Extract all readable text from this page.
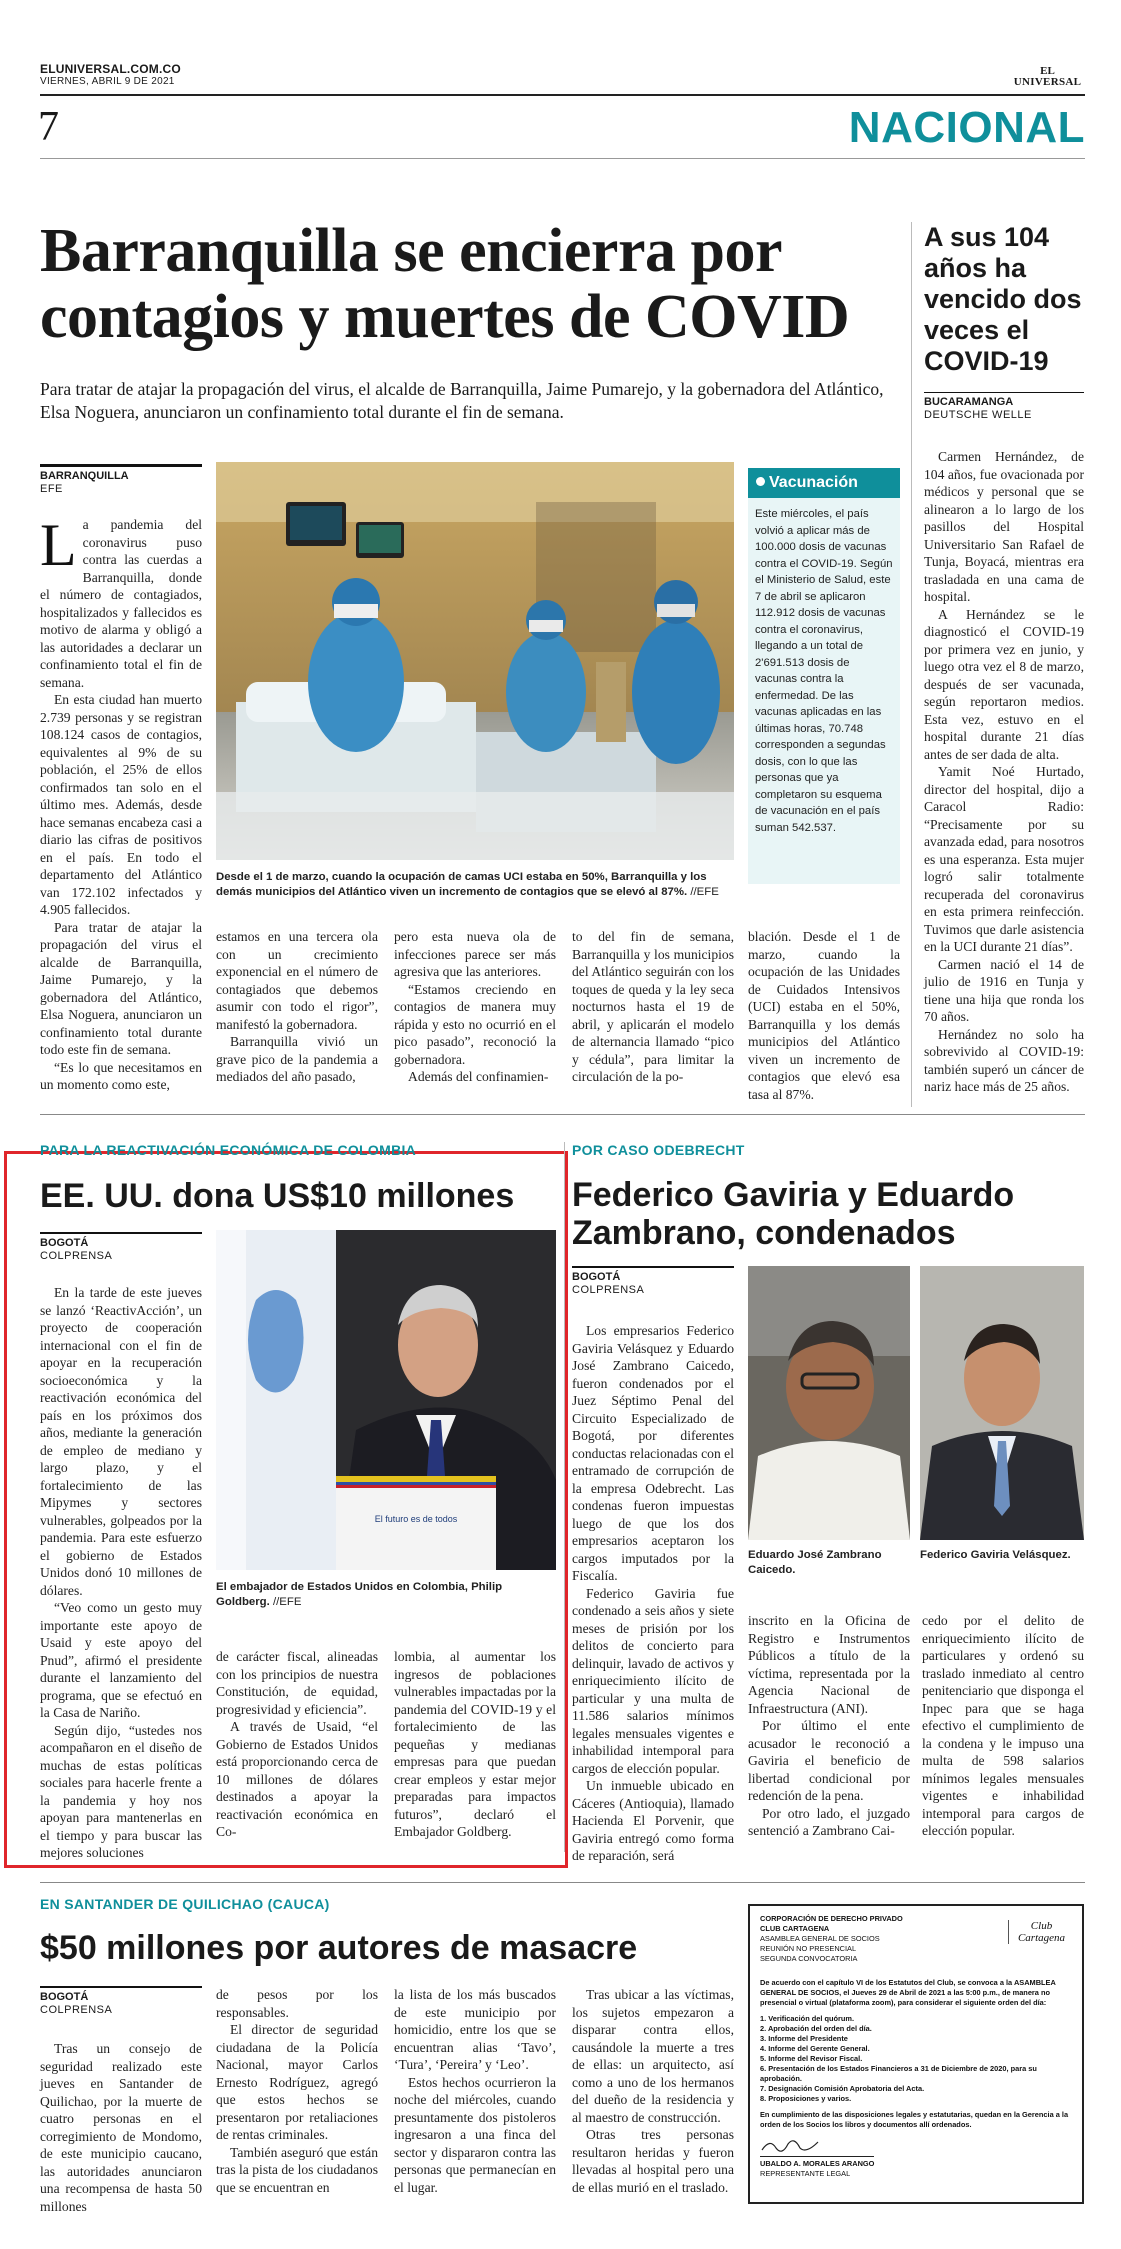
ELUNIVERSAL.COM.CO
VIERNES, ABRIL 9 DE 2021
EL
UNIVERSAL
7	NACIONAL
Barranquilla se encierra por
contagios y muertes de COVID
Para tratar de atajar la propagación del virus, el alcalde de Barranquilla, Jaime Pumarejo, y la gobernadora del Atlántico, Elsa Noguera, anunciaron un confinamiento total durante el fin de semana.
BARRANQUILLA
EFE

La pandemia del coronavirus puso contra las cuerdas a Barranquilla, donde el número de contagiados, hospitalizados y fallecidos es motivo de alarma y obligó a las autoridades a declarar un confinamiento total el fin de semana.

En esta ciudad han muerto 2.739 personas y se registran 108.124 casos de contagios, equivalentes al 9% de su población, el 25% de ellos confirmados tan solo en el último mes. Además, desde hace semanas encabeza casi a diario las cifras de positivos en el país. En todo el departamento del Atlántico van 172.102 infectados y 4.905 fallecidos.

Para tratar de atajar la propagación del virus el alcalde de Barranquilla, Jaime Pumarejo, y la gobernadora del Atlántico, Elsa Noguera, anunciaron un confinamiento total durante todo este fin de semana.

“Es lo que necesitamos en un momento como este,

Desde el 1 de marzo, cuando la ocupación de camas UCI estaba en 50%, Barranquilla y los demás municipios del Atlántico viven un incremento de contagios que se elevó al 87%. //EFE

estamos en una tercera ola con un crecimiento exponencial en el número de contagiados que debemos asumir con todo el rigor”, manifestó la gobernadora.

Barranquilla vivió un grave pico de la pandemia a mediados del año pasado,

pero esta nueva ola de infecciones parece ser más agresiva que las anteriores.

“Estamos creciendo en contagios de manera muy rápida y esto no ocurrió en el pico pasado”, reconoció la gobernadora.

Además del confinamien-

to del fin de semana, Barranquilla y los municipios del Atlántico seguirán con los toques de queda y la ley seca nocturnos hasta el 19 de abril, y aplicarán el modelo de alternancia llamado “pico y cédula”, para limitar la circulación de la po-

blación. Desde el 1 de marzo, cuando la ocupación de las Unidades de Cuidados Intensivos (UCI) estaba en el 50%, Barranquilla y los demás municipios del Atlántico viven un incremento de contagios que elevó esa tasa al 87%.

Vacunación
Este miércoles, el país volvió a aplicar más de 100.000 dosis de vacunas contra el COVID-19. Según el Ministerio de Salud, este 7 de abril se aplicaron 112.912 dosis de vacunas contra el coronavirus, llegando a un total de 2'691.513 dosis de vacunas contra la enfermedad. De las vacunas aplicadas en las últimas horas, 70.748 corresponden a segundas dosis, con lo que las personas que ya completaron su esquema de vacunación en el país suman 542.537.
A sus 104 años ha vencido dos veces el COVID-19
BUCARAMANGA
DEUTSCHE WELLE

Carmen Hernández, de 104 años, fue ovacionada por médicos y personal que se alinearon a lo largo de los pasillos del Hospital Universitario San Rafael de Tunja, Boyacá, mientras era trasladada en una cama de hospital.

A Hernández se le diagnosticó el COVID-19 por primera vez en junio, y luego otra vez el 8 de marzo, después de ser vacunada, según reportaron medios. Esta vez, estuvo en el hospital durante 21 días antes de ser dada de alta.

Yamit Noé Hurtado, director del hospital, dijo a Caracol Radio: “Precisamente por su avanzada edad, para nosotros es una esperanza. Esta mujer logró salir totalmente recuperada del coronavirus en esta primera reinfección. Tuvimos que darle asistencia en la UCI durante 21 días”.

Carmen nació el 14 de julio de 1916 en Tunja y tiene una hija que ronda los 70 años.

Hernández no solo ha sobrevivido al COVID-19: también superó un cáncer de nariz hace más de 25 años.

PARA LA REACTIVACIÓN ECONÓMICA DE COLOMBIA
EE. UU. dona US$10 millones
BOGOTÁ
COLPRENSA

En la tarde de este jueves se lanzó ‘ReactivAcción’, un proyecto de cooperación internacional con el fin de apoyar en la recuperación socioeconómica y la reactivación económica del país en los próximos dos años, mediante la generación de empleo de mediano y largo plazo, y el fortalecimiento de las Mipymes y sectores vulnerables, golpeados por la pandemia. Para este esfuerzo el gobierno de Estados Unidos donó 10 millones de dólares.

“Veo como un gesto muy importante este apoyo de Usaid y este apoyo del Pnud”, afirmó el presidente durante el lanzamiento del programa, que se efectuó en la Casa de Nariño.

Según dijo, “ustedes nos acompañaron en el diseño de muchas de estas políticas sociales para hacerle frente a la pandemia y hoy nos apoyan para mantenerlas en el tiempo y para buscar las mejores soluciones

El futuro es de todos
El embajador de Estados Unidos en Colombia, Philip Goldberg. //EFE

de carácter fiscal, alineadas con los principios de nuestra Constitución, de equidad, progresividad y eficiencia”.

A través de Usaid, “el Gobierno de Estados Unidos está proporcionando cerca de 10 millones de dólares destinados a apoyar la reactivación económica en Co-

lombia, al aumentar los ingresos de poblaciones vulnerables impactadas por la pandemia del COVID-19 y el fortalecimiento de las pequeñas y medianas empresas para que puedan crear empleos y estar mejor preparadas para impactos futuros”, declaró el Embajador Goldberg.

POR CASO ODEBRECHT
Federico Gaviria y Eduardo
Zambrano, condenados
BOGOTÁ
COLPRENSA

Los empresarios Federico Gaviria Velásquez y Eduardo José Zambrano Caicedo, fueron condenados por el Juez Séptimo Penal del Circuito Especializado de Bogotá, por diferentes conductas relacionadas con el entramado de corrupción de la empresa Odebrecht. Las condenas fueron impuestas luego de que los dos empresarios aceptaron los cargos imputados por la Fiscalía.

Federico Gaviria fue condenado a seis años y siete meses de prisión por los delitos de concierto para delinquir, lavado de activos y enriquecimiento ilícito de particular y una multa de 11.586 salarios mínimos legales mensuales vigentes e inhabilidad intemporal para cargos de elección popular.

Un inmueble ubicado en Cáceres (Antioquia), llamado Hacienda El Porvenir, que Gaviria entregó como forma de reparación, será

Eduardo José Zambrano Caicedo.
Federico Gaviria Velásquez.

inscrito en la Oficina de Registro e Instrumentos Públicos a título de la víctima, representada por la Agencia Nacional de Infraestructura (ANI).

Por último el ente acusador le reconoció a Gaviria el beneficio de libertad condicional por redención de la pena.

Por otro lado, el juzgado sentenció a Zambrano Cai-

cedo por el delito de enriquecimiento ilícito de particulares y ordenó su traslado inmediato al centro penitenciario que disponga el Inpec para que se haga efectivo el cumplimiento de la condena y le impuso una multa de 598 salarios mínimos legales mensuales vigentes e inhabilidad intemporal para cargos de elección popular.

EN SANTANDER DE QUILICHAO (CAUCA)
$50 millones por autores de masacre
BOGOTÁ
COLPRENSA

Tras un consejo de seguridad realizado este jueves en Santander de Quilichao, por la muerte de cuatro personas en el corregimiento de Mondomo, de este municipio caucano, las autoridades anunciaron una recompensa de hasta 50 millones

de pesos por los responsables.

El director de seguridad ciudadana de la Policía Nacional, mayor Carlos Ernesto Rodríguez, agregó que estos hechos se presentaron por retaliaciones de rentas criminales.

También aseguró que están tras la pista de los ciudadanos que se encuentran en

la lista de los más buscados de este municipio por homicidio, entre los que se encuentran alias ‘Tavo’, ‘Tura’, ‘Pereira’ y ‘Leo’.

Estos hechos ocurrieron la noche del miércoles, cuando presuntamente dos pistoleros ingresaron a una finca del sector y dispararon contra las personas que permanecían en el lugar.

Tras ubicar a las víctimas, los sujetos empezaron a disparar contra ellos, causándole la muerte a tres de ellas: un arquitecto, así como a uno de los hermanos del dueño de la residencia y al maestro de construcción.

Otras tres personas resultaron heridas y fueron llevadas al hospital pero una de ellas murió en el traslado.

CORPORACIÓN DE DERECHO PRIVADO
CLUB CARTAGENA
ASAMBLEA GENERAL DE SOCIOS
REUNIÓN NO PRESENCIAL
SEGUNDA CONVOCATORIA
Club Cartagena
De acuerdo con el capítulo VI de los Estatutos del Club, se convoca a la ASAMBLEA GENERAL DE SOCIOS, el Jueves 29 de Abril de 2021 a las 5:00 p.m., de manera no presencial o virtual (plataforma zoom), para considerar el siguiente orden del día:
1. Verificación del quórum.
2. Aprobación del orden del día.
3. Informe del Presidente
4. Informe del Gerente General.
5. Informe del Revisor Fiscal.
6. Presentación de los Estados Financieros a 31 de Diciembre de 2020, para su aprobación.
7. Designación Comisión Aprobatoria del Acta.
8. Proposiciones y varios.
En cumplimiento de las disposiciones legales y estatutarias, quedan en la Gerencia a la orden de los Socios los libros y documentos allí ordenados.
UBALDO A. MORALES ARANGO
REPRESENTANTE LEGAL
